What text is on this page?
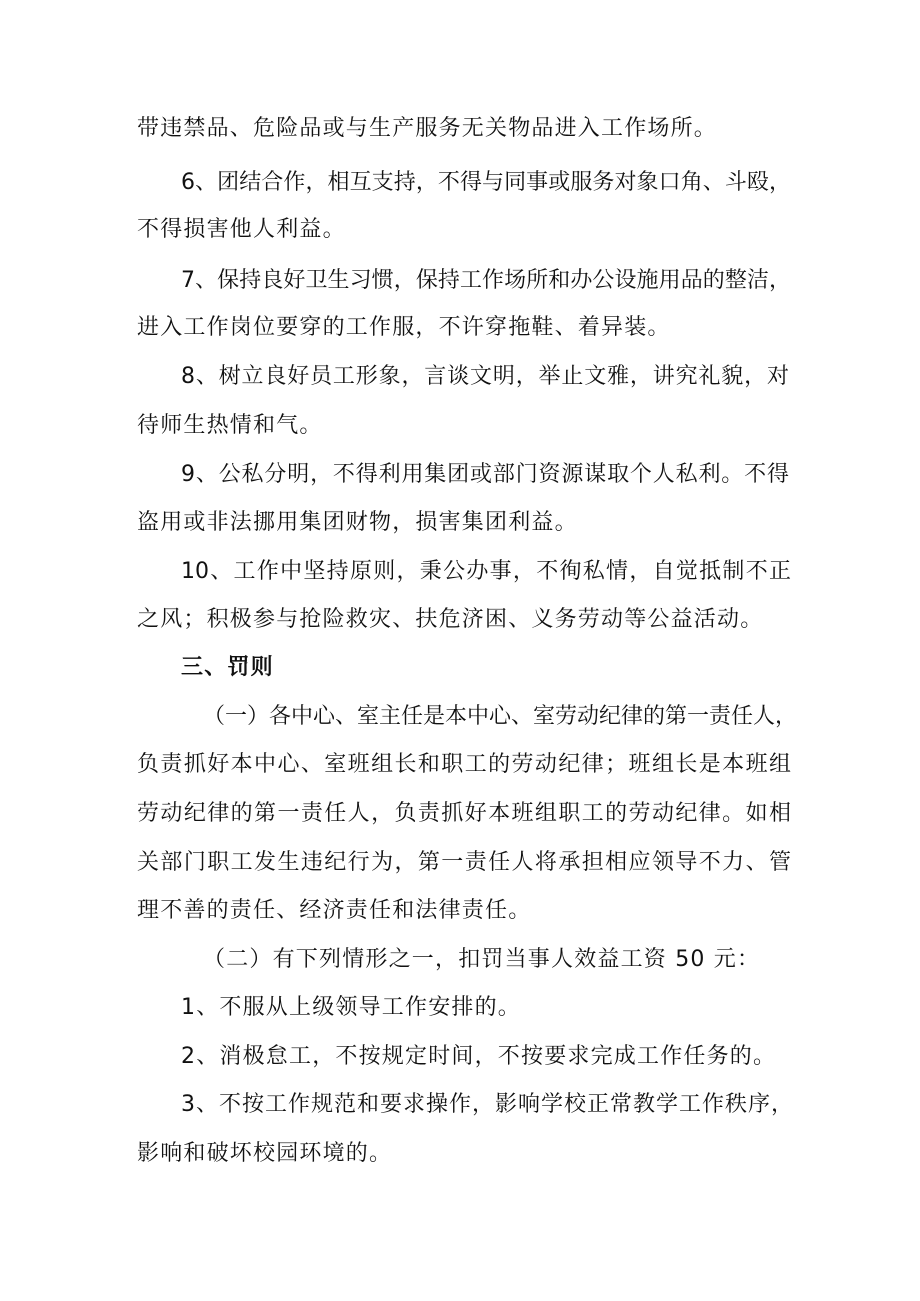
带违禁品、危险品或与生产服务无关物品进入工作场所。
6、团结合作，相互支持，不得与同事或服务对象口角、斗殴，
不得损害他人利益。
7、保持良好卫生习惯，保持工作场所和办公设施用品的整洁，
进入工作岗位要穿的工作服，不许穿拖鞋、着异装。
8、树立良好员工形象，言谈文明，举止文雅，讲究礼貌，对
待师生热情和气。
9、公私分明，不得利用集团或部门资源谋取个人私利。不得
盗用或非法挪用集团财物，损害集团利益。
10、工作中坚持原则，秉公办事，不徇私情，自觉抵制不正
之风；积极参与抢险救灾、扶危济困、义务劳动等公益活动。
三、罚则
（一）各中心、室主任是本中心、室劳动纪律的第一责任人，
负责抓好本中心、室班组长和职工的劳动纪律；班组长是本班组
劳动纪律的第一责任人，负责抓好本班组职工的劳动纪律。如相
关部门职工发生违纪行为，第一责任人将承担相应领导不力、管
理不善的责任、经济责任和法律责任。
（二）有下列情形之一，扣罚当事人效益工资 50 元：
1、不服从上级领导工作安排的。
2、消极怠工，不按规定时间，不按要求完成工作任务的。
3、不按工作规范和要求操作，影响学校正常教学工作秩序，
影响和破坏校园环境的。
